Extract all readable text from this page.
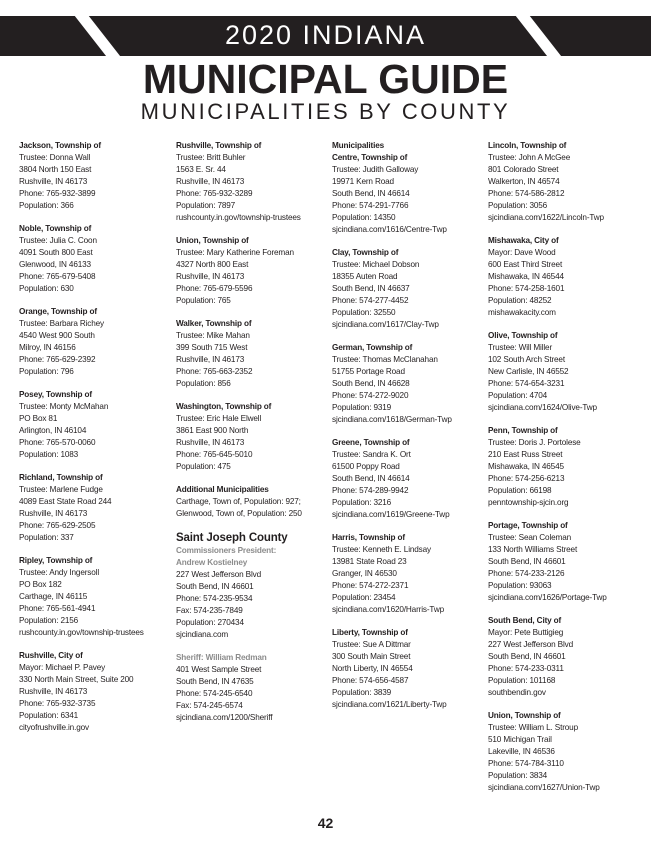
2020 INDIANA
MUNICIPAL GUIDE
MUNICIPALITIES BY COUNTY
Jackson, Township of
Trustee: Donna Wall
3804 North 150 East
Rushville, IN 46173
Phone: 765-932-3899
Population: 366
Noble, Township of
Trustee: Julia C. Coon
4091 South 800 East
Glenwood, IN 46133
Phone: 765-679-5408
Population: 630
Orange, Township of
Trustee: Barbara Richey
4540 West 900 South
Milroy, IN 46156
Phone: 765-629-2392
Population: 796
Posey, Township of
Trustee: Monty McMahan
PO Box 81
Arlington, IN 46104
Phone: 765-570-0060
Population: 1083
Richland, Township of
Trustee: Marlene Fudge
4089 East State Road 244
Rushville, IN 46173
Phone: 765-629-2505
Population: 337
Ripley, Township of
Trustee: Andy Ingersoll
PO Box 182
Carthage, IN 46115
Phone: 765-561-4941
Population: 2156
rushcounty.in.gov/township-trustees
Rushville, City of
Mayor: Michael P. Pavey
330 North Main Street, Suite 200
Rushville, IN 46173
Phone: 765-932-3735
Population: 6341
cityofrushville.in.gov
Rushville, Township of
Trustee: Britt Buhler
1563 E. Sr. 44
Rushville, IN 46173
Phone: 765-932-3289
Population: 7897
rushcounty.in.gov/township-trustees
Union, Township of
Trustee: Mary Katherine Foreman
4327 North 800 East
Rushville, IN 46173
Phone: 765-679-5596
Population: 765
Walker, Township of
Trustee: Mike Mahan
399 South 715 West
Rushville, IN 46173
Phone: 765-663-2352
Population: 856
Washington, Township of
Trustee: Eric Hale Elwell
3861 East 900 North
Rushville, IN 46173
Phone: 765-645-5010
Population: 475
Additional Municipalities
Carthage, Town of, Population: 927; Glenwood, Town of, Population: 250
Saint Joseph County
Commissioners President:
Andrew Kostielney
227 West Jefferson Blvd
South Bend, IN 46601
Phone: 574-235-9534
Fax: 574-235-7849
Population: 270434
sjcindiana.com
Sheriff: William Redman
401 West Sample Street
South Bend, IN 47635
Phone: 574-245-6540
Fax: 574-245-6574
sjcindiana.com/1200/Sheriff
Municipalities
Centre, Township of
Trustee: Judith Galloway
19971 Kern Road
South Bend, IN 46614
Phone: 574-291-7766
Population: 14350
sjcindiana.com/1616/Centre-Twp
Clay, Township of
Trustee: Michael Dobson
18355 Auten Road
South Bend, IN 46637
Phone: 574-277-4452
Population: 32550
sjcindiana.com/1617/Clay-Twp
German, Township of
Trustee: Thomas McClanahan
51755 Portage Road
South Bend, IN 46628
Phone: 574-272-9020
Population: 9319
sjcindiana.com/1618/German-Twp
Greene, Township of
Trustee: Sandra K. Ort
61500 Poppy Road
South Bend, IN 46614
Phone: 574-289-9942
Population: 3216
sjcindiana.com/1619/Greene-Twp
Harris, Township of
Trustee: Kenneth E. Lindsay
13981 State Road 23
Granger, IN 46530
Phone: 574-272-2371
Population: 23454
sjcindiana.com/1620/Harris-Twp
Liberty, Township of
Trustee: Sue A Dittmar
300 South Main Street
North Liberty, IN 46554
Phone: 574-656-4587
Population: 3839
sjcindiana.com/1621/Liberty-Twp
Lincoln, Township of
Trustee: John A McGee
801 Colorado Street
Walkerton, IN 46574
Phone: 574-586-2812
Population: 3056
sjcindiana.com/1622/Lincoln-Twp
Mishawaka, City of
Mayor: Dave Wood
600 East Third Street
Mishawaka, IN 46544
Phone: 574-258-1601
Population: 48252
mishawakacity.com
Olive, Township of
Trustee: Will Miller
102 South Arch Street
New Carlisle, IN 46552
Phone: 574-654-3231
Population: 4704
sjcindiana.com/1624/Olive-Twp
Penn, Township of
Trustee: Doris J. Portolese
210 East Russ Street
Mishawaka, IN 46545
Phone: 574-256-6213
Population: 66198
penntownship-sjcin.org
Portage, Township of
Trustee: Sean Coleman
133 North Williams Street
South Bend, IN 46601
Phone: 574-233-2126
Population: 93063
sjcindiana.com/1626/Portage-Twp
South Bend, City of
Mayor: Pete Buttigieg
227 West Jefferson Blvd
South Bend, IN 46601
Phone: 574-233-0311
Population: 101168
southbendin.gov
Union, Township of
Trustee: William L. Stroup
510 Michigan Trail
Lakeville, IN 46536
Phone: 574-784-3110
Population: 3834
sjcindiana.com/1627/Union-Twp
42
